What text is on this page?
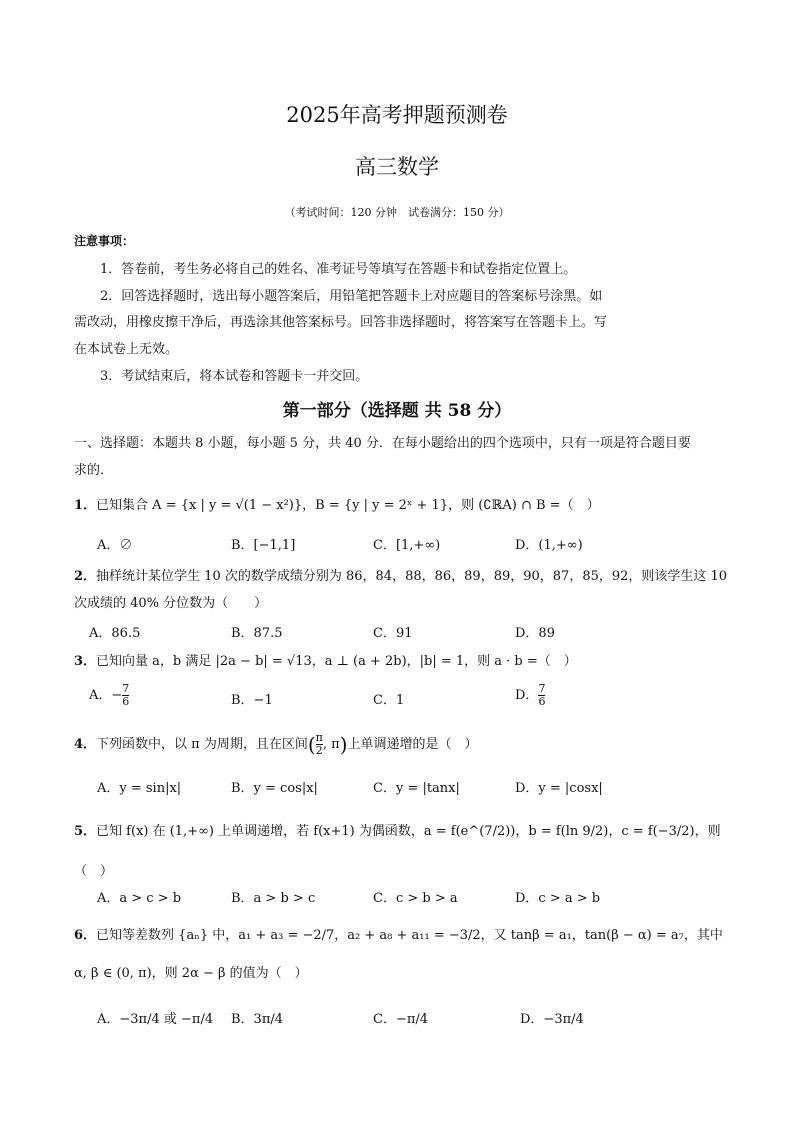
2025年高考押题预测卷
高三数学
（考试时间：120 分钟　试卷满分：150 分）
注意事项：
1．答卷前，考生务必将自己的姓名、准考证号等填写在答题卡和试卷指定位置上。
2．回答选择题时，选出每小题答案后，用铅笔把答题卡上对应题目的答案标号涂黑。如
需改动，用橡皮擦干净后，再选涂其他答案标号。回答非选择题时，将答案写在答题卡上。写
在本试卷上无效。
3．考试结束后，将本试卷和答题卡一并交回。
第一部分（选择题 共 58 分）
一、选择题：本题共 8 小题，每小题 5 分，共 40 分．在每小题给出的四个选项中，只有一项是符合题目要
求的．
1．已知集合 A = {x | y = √(1 − x²)}，B = {y | y = 2ˣ + 1}，则 (∁ℝA) ∩ B =（　）
A．∅	B．[−1,1]	C．[1,+∞)	D．(1,+∞)
2．抽样统计某位学生 10 次的数学成绩分别为 86，84，88，86，89，89，90，87，85，92，则该学生这 10
次成绩的 40% 分位数为（　　）
A．86.5	B．87.5	C．91	D．89
3．已知向量 a，b 满足 |2a − b| = √13，a ⊥ (a + 2b)，|b| = 1，则 a · b =（　）
A．− $\frac{7}{6}$	B．−1	C．1	D． $\frac{7}{6}$
4．下列函数中，以 π 为周期，且在区间( $\frac{\pi}{2}$ , π)上单调递增的是（　）
A．y = sin|x|	B．y = cos|x|	C．y = |tanx|	D．y = |cosx|
5．已知 f(x) 在 (1,+∞) 上单调递增，若 f(x+1) 为偶函数，a = f(e^(7/2))，b = f(ln 9/2)，c = f(−3/2)，则
（　）
A．a > c > b	B．a > b > c	C．c > b > a	D．c > a > b
6．已知等差数列 {aₙ} 中，a₁ + a₃ = −2/7，a₂ + a₈ + a₁₁ = −3/2，又 tanβ = a₁，tan(β − α) = a₇，其中
α, β ∈ (0, π)，则 2α − β 的值为（　）
A．−3π/4 或 −π/4 B．3π/4	C．−π/4	D．−3π/4
